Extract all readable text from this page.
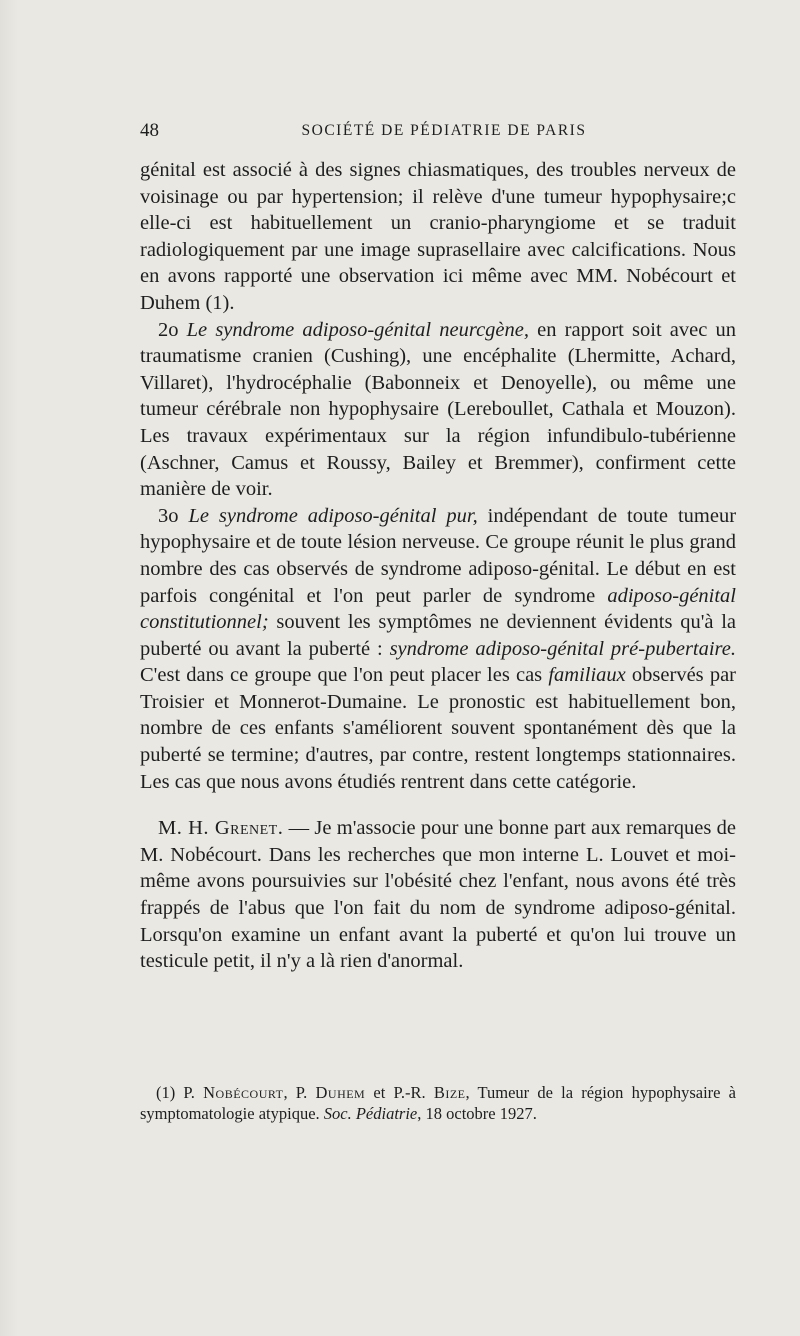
48	SOCIÉTÉ DE PÉDIATRIE DE PARIS

génital est associé à des signes chiasmatiques, des troubles nerveux de voisinage ou par hypertension; il relève d'une tumeur hypophysaire;c elle-ci est habituellement un cranio-pharyngiome et se traduit radiologiquement par une image suprasellaire avec calcifications. Nous en avons rapporté une observation ici même avec MM. Nobécourt et Duhem (1).

2o Le syndrome adiposo-génital neurcgène, en rapport soit avec un traumatisme cranien (Cushing), une encéphalite (Lhermitte, Achard, Villaret), l'hydrocéphalie (Babonneix et Denoyelle), ou même une tumeur cérébrale non hypophysaire (Lereboullet, Cathala et Mouzon). Les travaux expérimentaux sur la région infundibulo-tubérienne (Aschner, Camus et Roussy, Bailey et Bremmer), confirment cette manière de voir.

3o Le syndrome adiposo-génital pur, indépendant de toute tumeur hypophysaire et de toute lésion nerveuse. Ce groupe réunit le plus grand nombre des cas observés de syndrome adiposo-génital. Le début en est parfois congénital et l'on peut parler de syndrome adiposo-génital constitutionnel; souvent les symptômes ne deviennent évidents qu'à la puberté ou avant la puberté : syndrome adiposo-génital pré-pubertaire. C'est dans ce groupe que l'on peut placer les cas familiaux observés par Troisier et Monnerot-Dumaine. Le pronostic est habituellement bon, nombre de ces enfants s'améliorent souvent spontanément dès que la puberté se termine; d'autres, par contre, restent longtemps stationnaires. Les cas que nous avons étudiés rentrent dans cette catégorie.

M. H. Grenet. — Je m'associe pour une bonne part aux remarques de M. Nobécourt. Dans les recherches que mon interne L. Louvet et moi-même avons poursuivies sur l'obésité chez l'enfant, nous avons été très frappés de l'abus que l'on fait du nom de syndrome adiposo-génital. Lorsqu'on examine un enfant avant la puberté et qu'on lui trouve un testicule petit, il n'y a là rien d'anormal.

(1) P. Nobécourt, P. Duhem et P.-R. Bize, Tumeur de la région hypophysaire à symptomatologie atypique. Soc. Pédiatrie, 18 octobre 1927.
